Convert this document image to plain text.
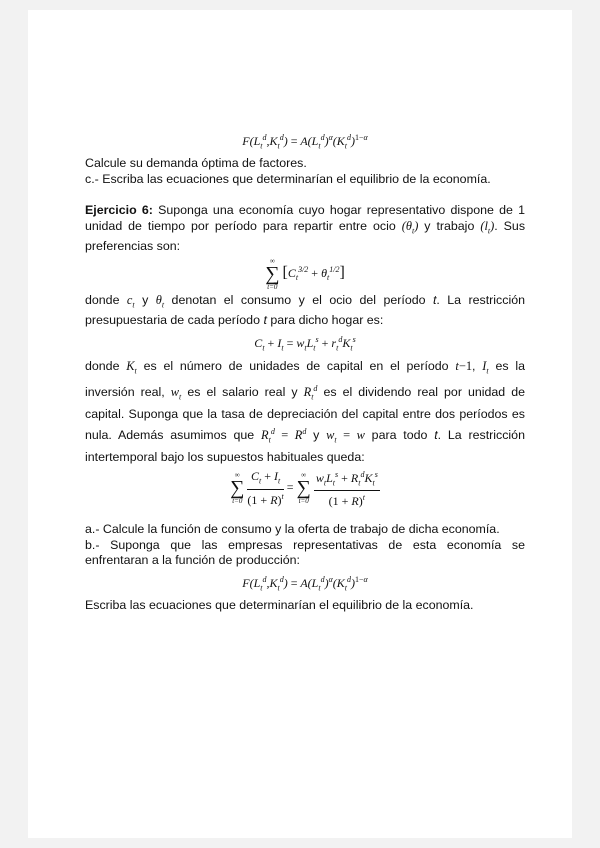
$F(L_t^d,K_t^d) = A(L_t^d)^\alpha(K_t^d)^{1-\alpha}$

Calcule su demanda óptima de factores.

c.- Escriba las ecuaciones que determinarían el equilibrio de la economía.

Ejercicio 6: Suponga una economía cuyo hogar representativo dispone de 1 unidad de tiempo por período para repartir entre ocio $(\theta_t)$ y trabajo $(l_t)$. Sus preferencias son:

∞
∑
t=0
$[C_t^{3/2} + \theta_t^{1/2}]$

donde $c_t$ y $\theta_t$ denotan el consumo y el ocio del período t. La restricción presupuestaria de cada período t para dicho hogar es:

$C_t + I_t = w_tL_t^s + r_t^dK_t^s$

donde $K_t$ es el número de unidades de capital en el período t−1, $I_t$ es la inversión real, $w_t$ es el salario real y $R_t^d$ es el dividendo real por unidad de capital. Suponga que la tasa de depreciación del capital entre dos períodos es nula. Además asumimos que $R_t^d = R^d$ y $w_t = w$ para todo t. La restricción intertemporal bajo los supuestos habituales queda:

∞
∑
t=0
$\frac{C_t + I_t}{(1 + R)^t}$ =
∞
∑
t=0
$\frac{w_tL_t^s + R_t^dK_t^s}{(1 + R)^t}$

a.- Calcule la función de consumo y la oferta de trabajo de dicha economía.

b.- Suponga que las empresas representativas de esta economía se enfrentaran a la función de producción:

$F(L_t^d,K_t^d) = A(L_t^d)^\alpha(K_t^d)^{1-\alpha}$

Escriba las ecuaciones que determinarían el equilibrio de la economía.
